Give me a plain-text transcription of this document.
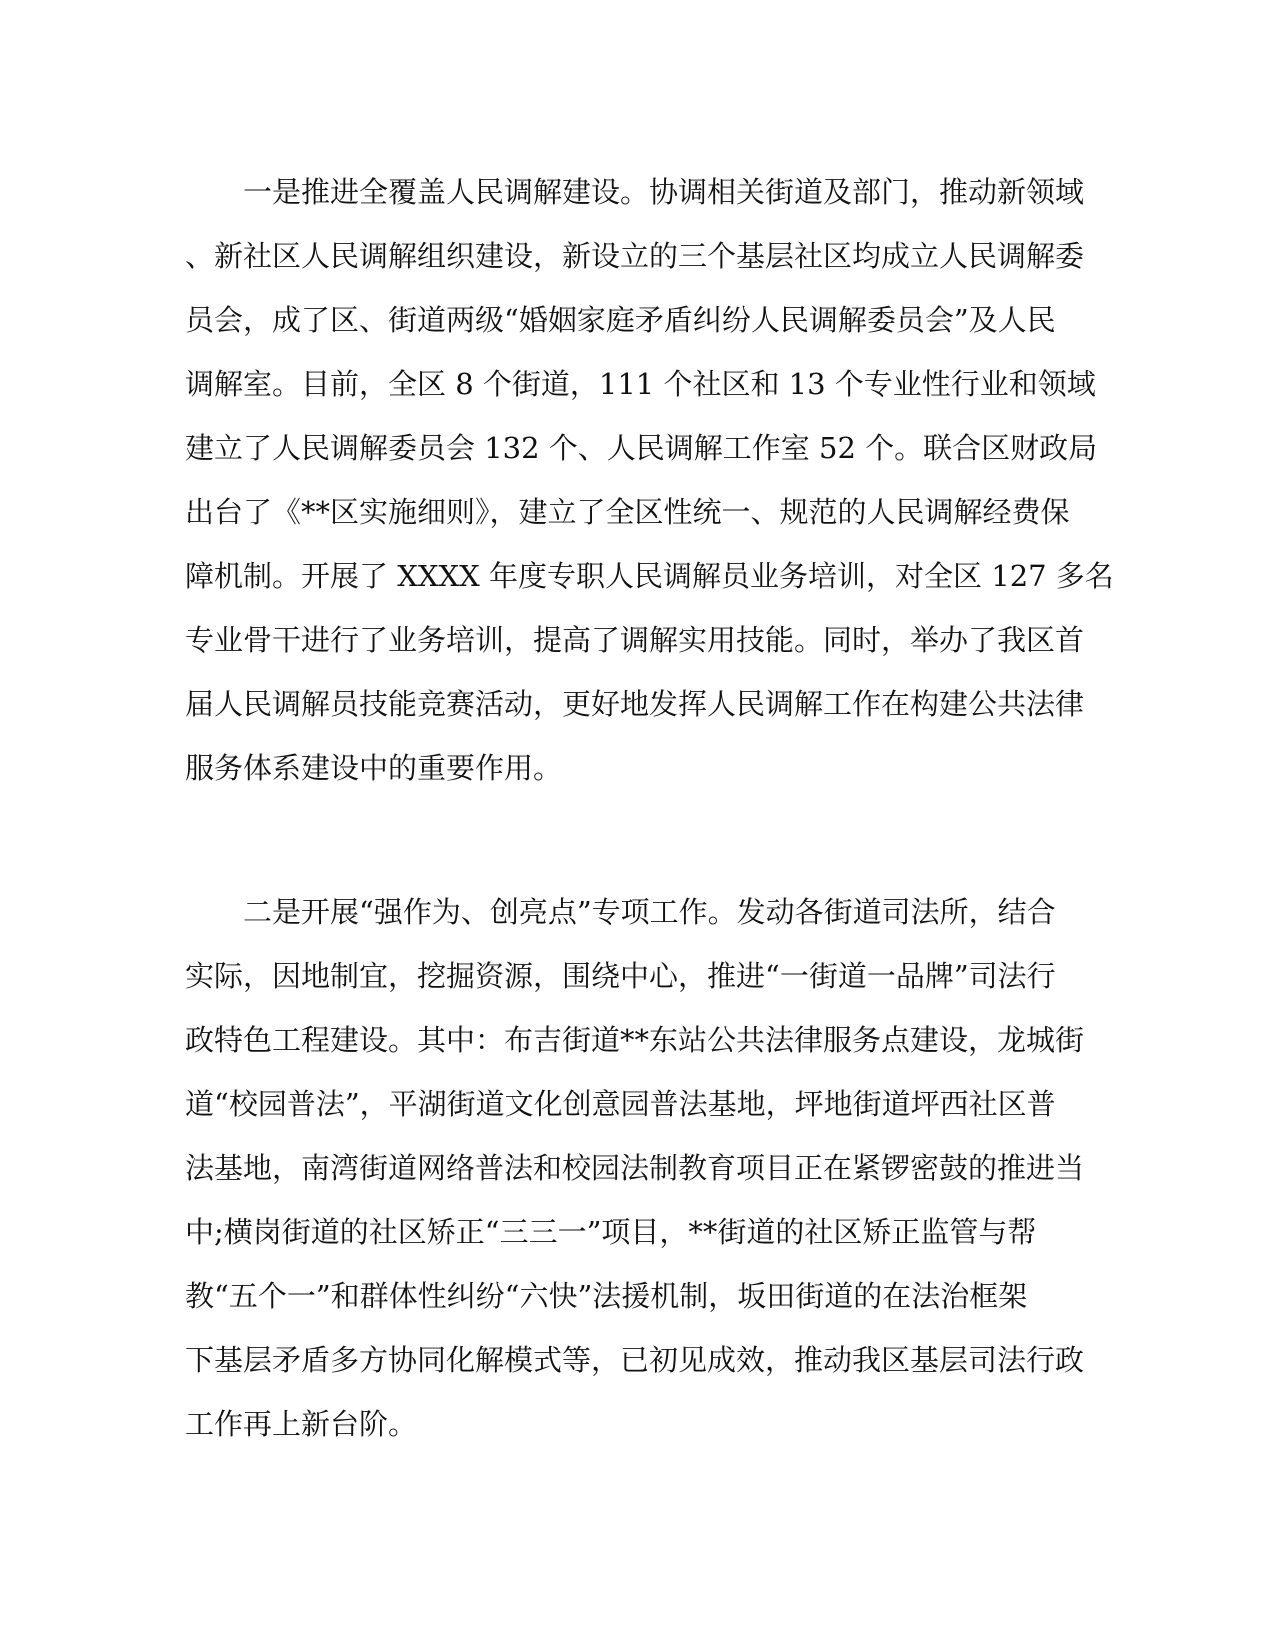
　　一是推进全覆盖人民调解建设。协调相关街道及部门，推动新领域
、新社区人民调解组织建设，新设立的三个基层社区均成立人民调解委
员会，成了区、街道两级“婚姻家庭矛盾纠纷人民调解委员会”及人民
调解室。目前，全区 8 个街道，111 个社区和 13 个专业性行业和领域
建立了人民调解委员会 132 个、人民调解工作室 52 个。联合区财政局
出台了《**区实施细则》，建立了全区性统一、规范的人民调解经费保
障机制。开展了 XXXX 年度专职人民调解员业务培训，对全区 127 多名
专业骨干进行了业务培训，提高了调解实用技能。同时，举办了我区首
届人民调解员技能竞赛活动，更好地发挥人民调解工作在构建公共法律
服务体系建设中的重要作用。
　　二是开展“强作为、创亮点”专项工作。发动各街道司法所，结合
实际，因地制宜，挖掘资源，围绕中心，推进“一街道一品牌”司法行
政特色工程建设。其中：布吉街道**东站公共法律服务点建设，龙城街
道“校园普法”，平湖街道文化创意园普法基地，坪地街道坪西社区普
法基地，南湾街道网络普法和校园法制教育项目正在紧锣密鼓的推进当
中;横岗街道的社区矫正“三三一”项目，**街道的社区矫正监管与帮
教“五个一”和群体性纠纷“六快”法援机制，坂田街道的在法治框架
下基层矛盾多方协同化解模式等，已初见成效，推动我区基层司法行政
工作再上新台阶。
